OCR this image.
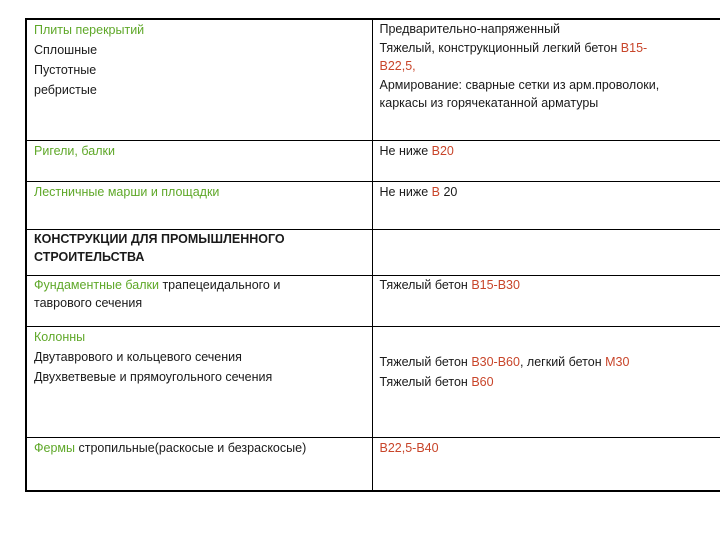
Плиты перекрытий
Сплошные
Пустотные
ребристые	Предварительно-напряженный
Тяжелый, конструкционный легкий бетон В15-
В22,5,
Армирование: сварные сетки из арм.проволоки,
каркасы из горячекатанной арматуры

Ригели, балки	Не ниже В20

Лестничные марши и площадки	Не ниже В 20

КОНСТРУКЦИИ ДЛЯ ПРОМЫШЛЕННОГО
СТРОИТЕЛЬСТВА	

Фундаментные балки трапецеидального и
таврового сечения	Тяжелый бетон В15-В30

Колонны
Двутаврового и кольцевого сечения
Двухветвевые и прямоугольного сечения	Тяжелый бетон В30-В60, легкий бетон М30
Тяжелый бетон В60

Фермы стропильные(раскосые и безраскосые)	В22,5-В40
